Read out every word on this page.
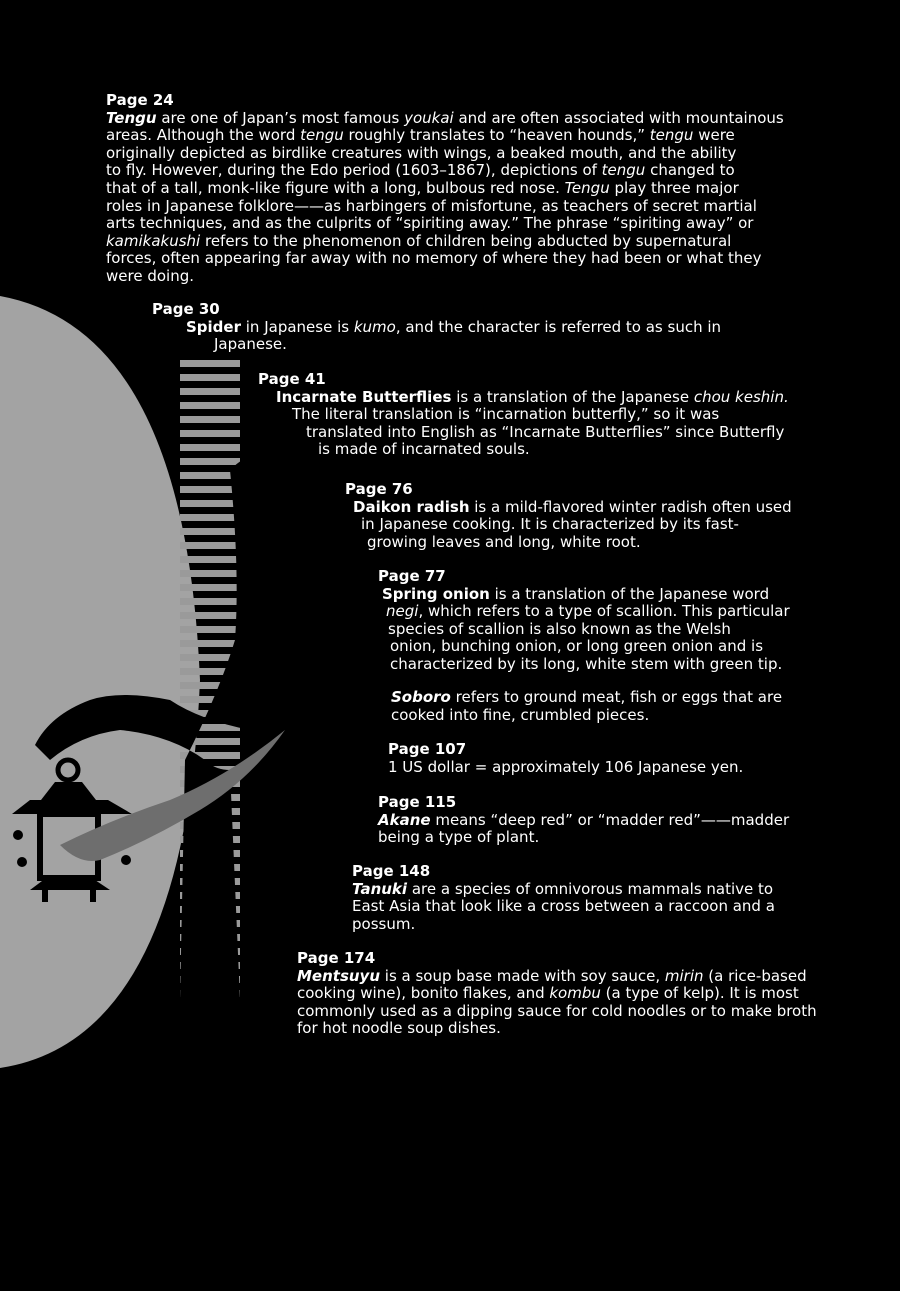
Page 24
Tengu are one of Japan’s most famous youkai and are often associated with mountainous
areas. Although the word tengu roughly translates to “heaven hounds,” tengu were
originally depicted as birdlike creatures with wings, a beaked mouth, and the ability
to fly. However, during the Edo period (1603–1867), depictions of tengu changed to
that of a tall, monk-like figure with a long, bulbous red nose. Tengu play three major
roles in Japanese folklore——as harbingers of misfortune, as teachers of secret martial
arts techniques, and as the culprits of “spiriting away.” The phrase “spiriting away” or
kamikakushi refers to the phenomenon of children being abducted by supernatural
forces, often appearing far away with no memory of where they had been or what they
were doing.
Page 30
Spider in Japanese is kumo, and the character is referred to as such in
Japanese.
Page 41
Incarnate Butterflies is a translation of the Japanese chou keshin.
The literal translation is “incarnation butterfly,” so it was
translated into English as “Incarnate Butterflies” since Butterfly
is made of incarnated souls.
Page 76
Daikon radish is a mild-flavored winter radish often used
in Japanese cooking. It is characterized by its fast-
growing leaves and long, white root.
Page 77
Spring onion is a translation of the Japanese word
negi, which refers to a type of scallion. This particular
species of scallion is also known as the Welsh
onion, bunching onion, or long green onion and is
characterized by its long, white stem with green tip.
Soboro refers to ground meat, fish or eggs that are
cooked into fine, crumbled pieces.
Page 107
1 US dollar = approximately 106 Japanese yen.
Page 115
Akane means “deep red” or “madder red”——madder
being a type of plant.
Page 148
Tanuki are a species of omnivorous mammals native to
East Asia that look like a cross between a raccoon and a
possum.
Page 174
Mentsuyu is a soup base made with soy sauce, mirin (a rice-based
cooking wine), bonito flakes, and kombu (a type of kelp). It is most
commonly used as a dipping sauce for cold noodles or to make broth
for hot noodle soup dishes.
